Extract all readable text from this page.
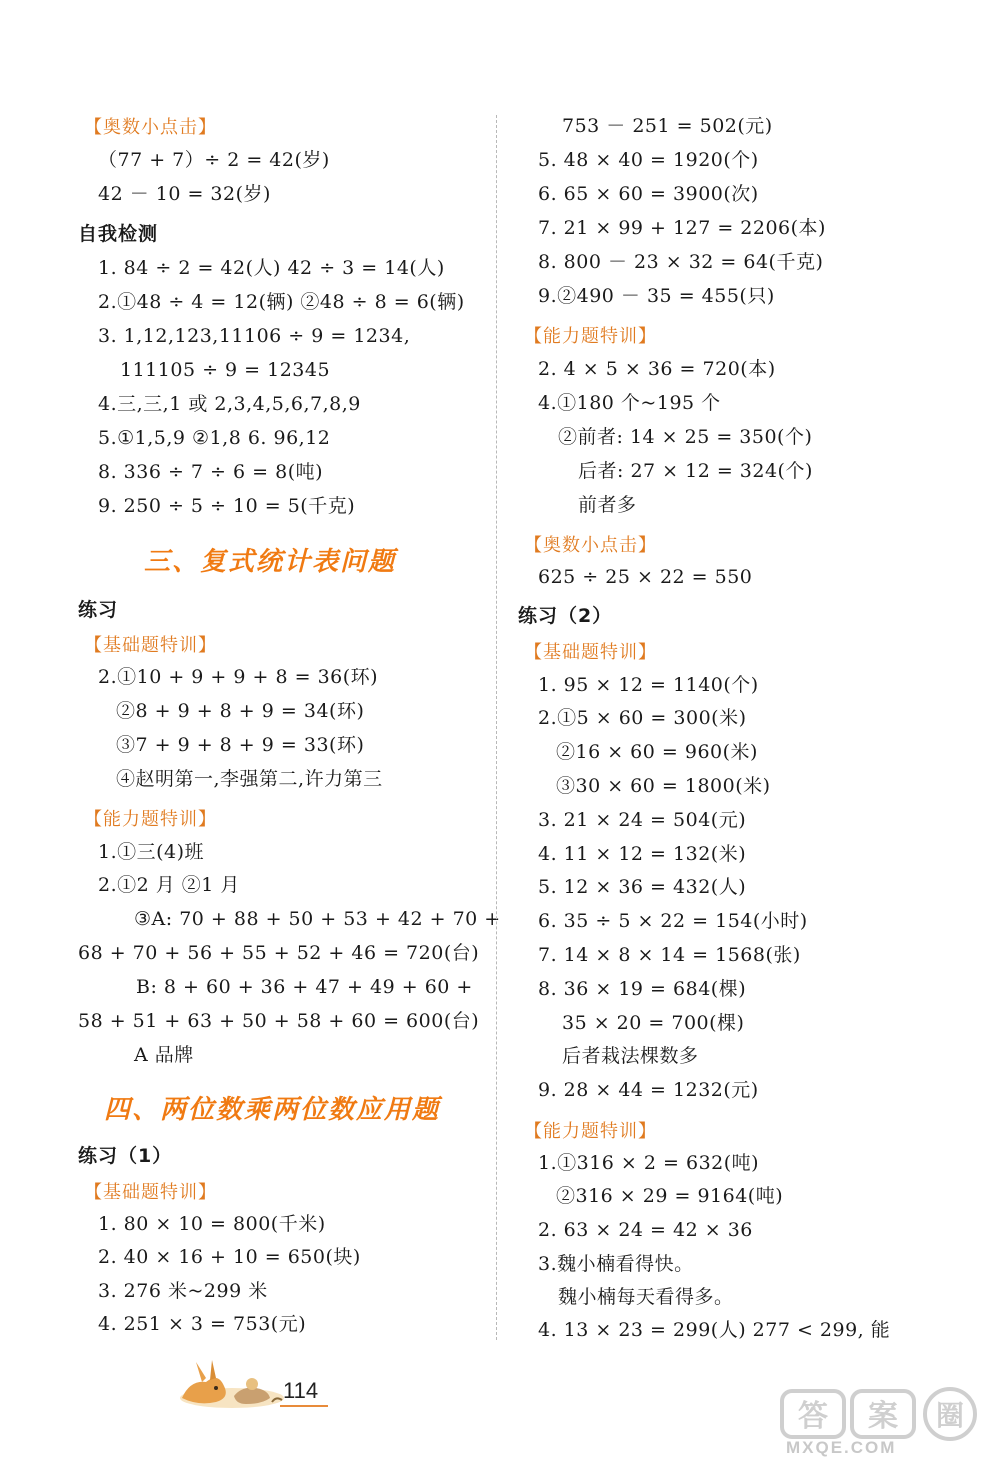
【奥数小点击】
（77 + 7）÷ 2 = 42(岁)
42 － 10 = 32(岁)
自我检测
1. 84 ÷ 2 = 42(人) 42 ÷ 3 = 14(人)
2.①48 ÷ 4 = 12(辆) ②48 ÷ 8 = 6(辆)
3. 1,12,123,11106 ÷ 9 = 1234,
111105 ÷ 9 = 12345
4.三,三,1 或 2,3,4,5,6,7,8,9
5.①1,5,9 ②1,8 6. 96,12
8. 336 ÷ 7 ÷ 6 = 8(吨)
9. 250 ÷ 5 ÷ 10 = 5(千克)
三、复式统计表问题
练习
【基础题特训】
2.①10 + 9 + 9 + 8 = 36(环)
②8 + 9 + 8 + 9 = 34(环)
③7 + 9 + 8 + 9 = 33(环)
④赵明第一,李强第二,许力第三
【能力题特训】
1.①三(4)班
2.①2 月 ②1 月
③A: 70 + 88 + 50 + 53 + 42 + 70 +
68 + 70 + 56 + 55 + 52 + 46 = 720(台)
B: 8 + 60 + 36 + 47 + 49 + 60 +
58 + 51 + 63 + 50 + 58 + 60 = 600(台)
A 品牌
四、两位数乘两位数应用题
练习（1）
【基础题特训】
1. 80 × 10 = 800(千米)
2. 40 × 16 + 10 = 650(块)
3. 276 米~299 米
4. 251 × 3 = 753(元)
753 － 251 = 502(元)
5. 48 × 40 = 1920(个)
6. 65 × 60 = 3900(次)
7. 21 × 99 + 127 = 2206(本)
8. 800 － 23 × 32 = 64(千克)
9.②490 － 35 = 455(只)
【能力题特训】
2. 4 × 5 × 36 = 720(本)
4.①180 个~195 个
②前者: 14 × 25 = 350(个)
后者: 27 × 12 = 324(个)
前者多
【奥数小点击】
625 ÷ 25 × 22 = 550
练习（2）
【基础题特训】
1. 95 × 12 = 1140(个)
2.①5 × 60 = 300(米)
②16 × 60 = 960(米)
③30 × 60 = 1800(米)
3. 21 × 24 = 504(元)
4. 11 × 12 = 132(米)
5. 12 × 36 = 432(人)
6. 35 ÷ 5 × 22 = 154(小时)
7. 14 × 8 × 14 = 1568(张)
8. 36 × 19 = 684(棵)
35 × 20 = 700(棵)
后者栽法棵数多
9. 28 × 44 = 1232(元)
【能力题特训】
1.①316 × 2 = 632(吨)
②316 × 29 = 9164(吨)
2. 63 × 24 = 42 × 36
3.魏小楠看得快。
魏小楠每天看得多。
4. 13 × 23 = 299(人) 277 < 299, 能
114
答 案 圈
MXQE.COM
